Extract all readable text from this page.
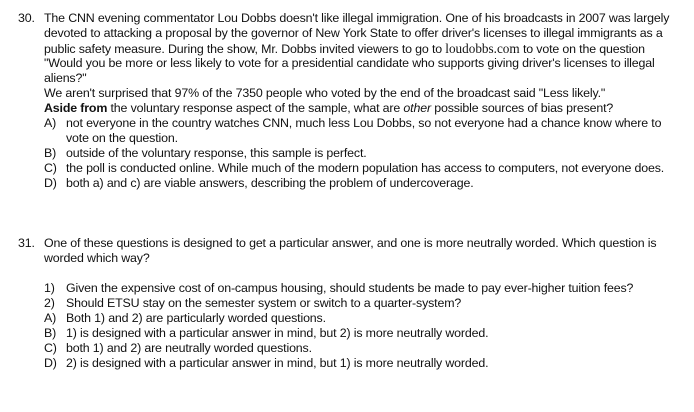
30. The CNN evening commentator Lou Dobbs doesn't like illegal immigration. One of his broadcasts in 2007 was largely
devoted to attacking a proposal by the governor of New York State to offer driver's licenses to illegal immigrants as a
public safety measure. During the show, Mr. Dobbs invited viewers to go to loudobbs.com to vote on the question
"Would you be more or less likely to vote for a presidential candidate who supports giving driver's licenses to illegal
aliens?"
We aren't surprised that 97% of the 7350 people who voted by the end of the broadcast said "Less likely."
Aside from the voluntary response aspect of the sample, what are other possible sources of bias present?
A) not everyone in the country watches CNN, much less Lou Dobbs, so not everyone had a chance know where to
vote on the question.
B) outside of the voluntary response, this sample is perfect.
C) the poll is conducted online. While much of the modern population has access to computers, not everyone does.
D) both a) and c) are viable answers, describing the problem of undercoverage.
31. One of these questions is designed to get a particular answer, and one is more neutrally worded. Which question is
worded which way?
1) Given the expensive cost of on-campus housing, should students be made to pay ever-higher tuition fees?
2) Should ETSU stay on the semester system or switch to a quarter-system?
A) Both 1) and 2) are particularly worded questions.
B) 1) is designed with a particular answer in mind, but 2) is more neutrally worded.
C) both 1) and 2) are neutrally worded questions.
D) 2) is designed with a particular answer in mind, but 1) is more neutrally worded.
